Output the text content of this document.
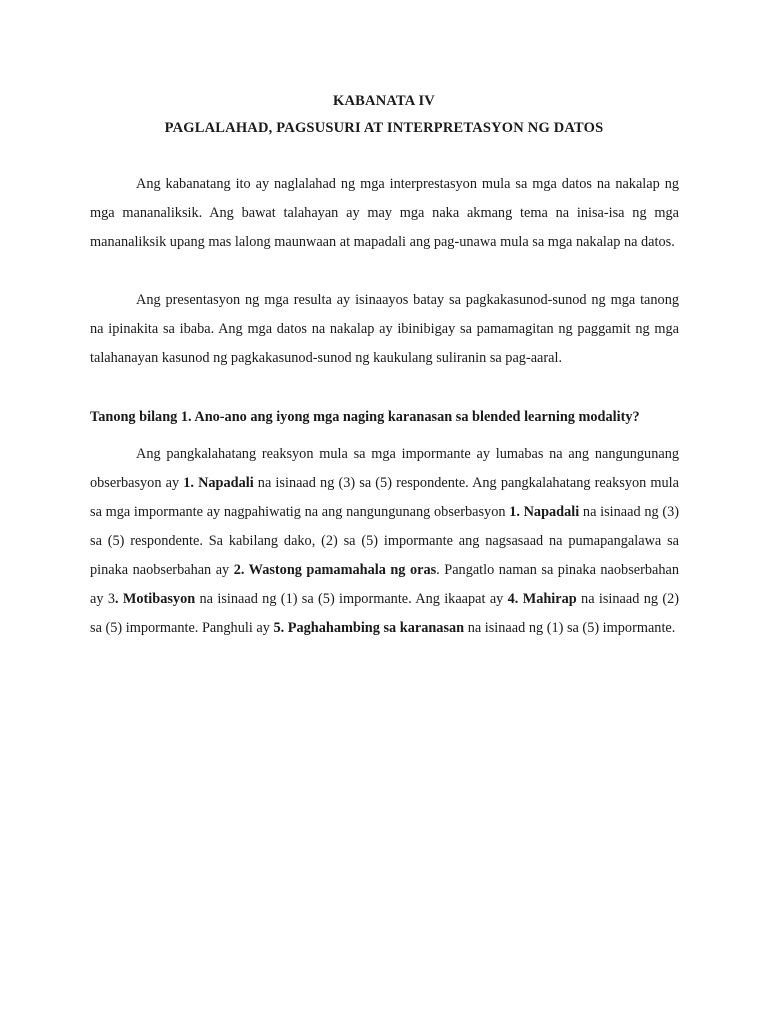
KABANATA IV
PAGLALAHAD, PAGSUSURI AT INTERPRETASYON NG DATOS

Ang kabanatang ito ay naglalahad ng mga interprestasyon mula sa mga datos na nakalap ng mga mananaliksik. Ang bawat talahayan ay may mga naka akmang tema na inisa-isa ng mga mananaliksik upang mas lalong maunwaan at mapadali ang pag-unawa mula sa mga nakalap na datos.

Ang presentasyon ng mga resulta ay isinaayos batay sa pagkakasunod-sunod ng mga tanong na ipinakita sa ibaba. Ang mga datos na nakalap ay ibinibigay sa pamamagitan ng paggamit ng mga talahanayan kasunod ng pagkakasunod-sunod ng kaukulang suliranin sa pag-aaral.

Tanong bilang 1. Ano-ano ang iyong mga naging karanasan sa blended learning modality?

Ang pangkalahatang reaksyon mula sa mga impormante ay lumabas na ang nangungunang obserbasyon ay 1. Napadali na isinaad ng (3) sa (5) respondente. Ang pangkalahatang reaksyon mula sa mga impormante ay nagpahiwatig na ang nangungunang obserbasyon 1. Napadali na isinaad ng (3) sa (5) respondente. Sa kabilang dako, (2) sa (5) impormante ang nagsasaad na pumapangalawa sa pinaka naobserbahan ay 2. Wastong pamamahala ng oras. Pangatlo naman sa pinaka naobserbahan ay 3. Motibasyon na isinaad ng (1) sa (5) impormante. Ang ikaapat ay 4. Mahirap na isinaad ng (2) sa (5) impormante. Panghuli ay 5. Paghahambing sa karanasan na isinaad ng (1) sa (5) impormante.
